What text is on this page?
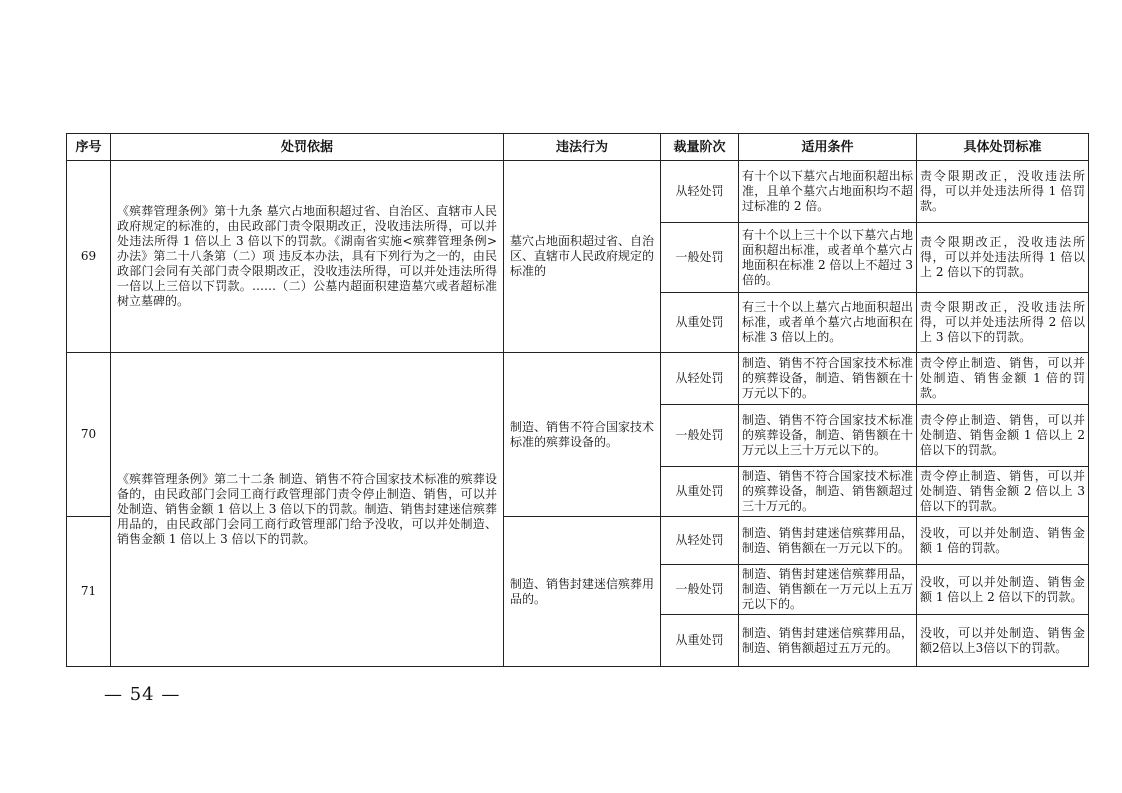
序号	处罚依据	违法行为	裁量阶次	适用条件	具体处罚标准
69	《殡葬管理条例》第十九条 墓穴占地面积超过省、自治区、直辖市人民政府规定的标准的，由民政部门责令限期改正，没收违法所得，可以并处违法所得 1 倍以上 3 倍以下的罚款。《湖南省实施<殡葬管理条例>办法》第二十八条第（二）项 违反本办法，具有下列行为之一的，由民政部门会同有关部门责令限期改正，没收违法所得，可以并处违法所得一倍以上三倍以下罚款。……（二）公墓内超面积建造墓穴或者超标准树立墓碑的。	墓穴占地面积超过省、自治区、直辖市人民政府规定的标准的	从轻处罚	有十个以下墓穴占地面积超出标准，且单个墓穴占地面积均不超过标准的 2 倍。	责令限期改正，没收违法所得，可以并处违法所得 1 倍罚款。
			一般处罚	有十个以上三十个以下墓穴占地面积超出标准，或者单个墓穴占地面积在标准 2 倍以上不超过 3 倍的。	责令限期改正，没收违法所得，可以并处违法所得 1 倍以上 2 倍以下的罚款。
			从重处罚	有三十个以上墓穴占地面积超出标准，或者单个墓穴占地面积在标准 3 倍以上的。	责令限期改正，没收违法所得，可以并处违法所得 2 倍以上 3 倍以下的罚款。
70	《殡葬管理条例》第二十二条 制造、销售不符合国家技术标准的殡葬设备的，由民政部门会同工商行政管理部门责令停止制造、销售，可以并处制造、销售金额 1 倍以上 3 倍以下的罚款。制造、销售封建迷信殡葬用品的，由民政部门会同工商行政管理部门给予没收，可以并处制造、销售金额 1 倍以上 3 倍以下的罚款。	制造、销售不符合国家技术标准的殡葬设备的。	从轻处罚	制造、销售不符合国家技术标准的殡葬设备，制造、销售额在十万元以下的。	责令停止制造、销售，可以并处制造、销售金额 1 倍的罚款。
			一般处罚	制造、销售不符合国家技术标准的殡葬设备，制造、销售额在十万元以上三十万元以下的。	责令停止制造、销售，可以并处制造、销售金额 1 倍以上 2 倍以下的罚款。
			从重处罚	制造、销售不符合国家技术标准的殡葬设备，制造、销售额超过三十万元的。	责令停止制造、销售，可以并处制造、销售金额 2 倍以上 3 倍以下的罚款。
71		制造、销售封建迷信殡葬用品的。	从轻处罚	制造、销售封建迷信殡葬用品，制造、销售额在一万元以下的。	没收，可以并处制造、销售金额 1 倍的罚款。
			一般处罚	制造、销售封建迷信殡葬用品，制造、销售额在一万元以上五万元以下的。	没收，可以并处制造、销售金额 1 倍以上 2 倍以下的罚款。
			从重处罚	制造、销售封建迷信殡葬用品，制造、销售额超过五万元的。	没收，可以并处制造、销售金额2倍以上3倍以下的罚款。
— 54 —
